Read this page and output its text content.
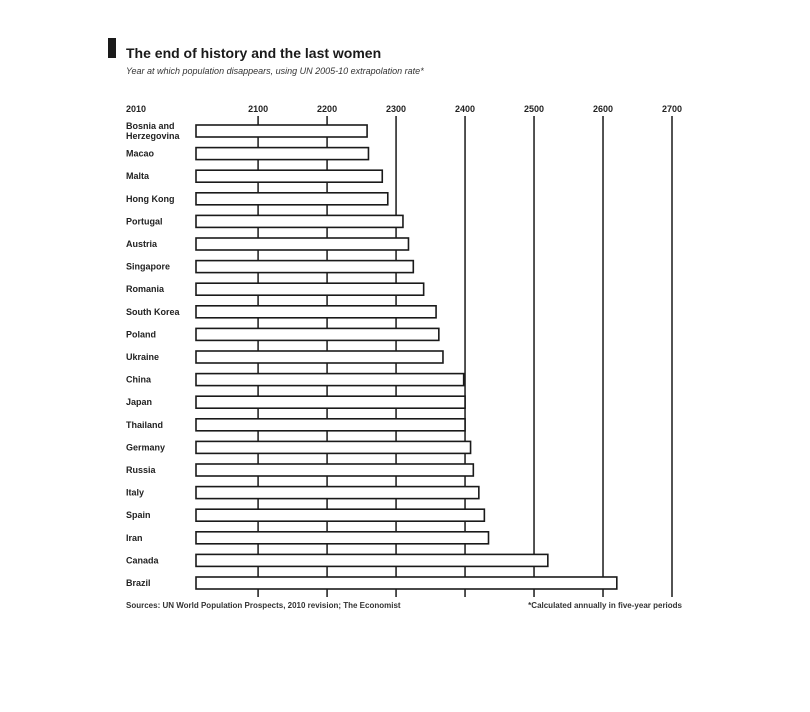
The end of history and the last women
Year at which population disappears, using UN 2005-10 extrapolation rate*
2010	2100	2200	2300	2400	2500	2600	2700
Bosnia and Herzegovina
Macao
Malta
Hong Kong
Portugal
Austria
Singapore
Romania
South Korea
Poland
Ukraine
China
Japan
Thailand
Germany
Russia
Italy
Spain
Iran
Canada
Brazil
Sources: UN World Population Prospects, 2010 revision; The Economist	*Calculated annually in five-year periods
